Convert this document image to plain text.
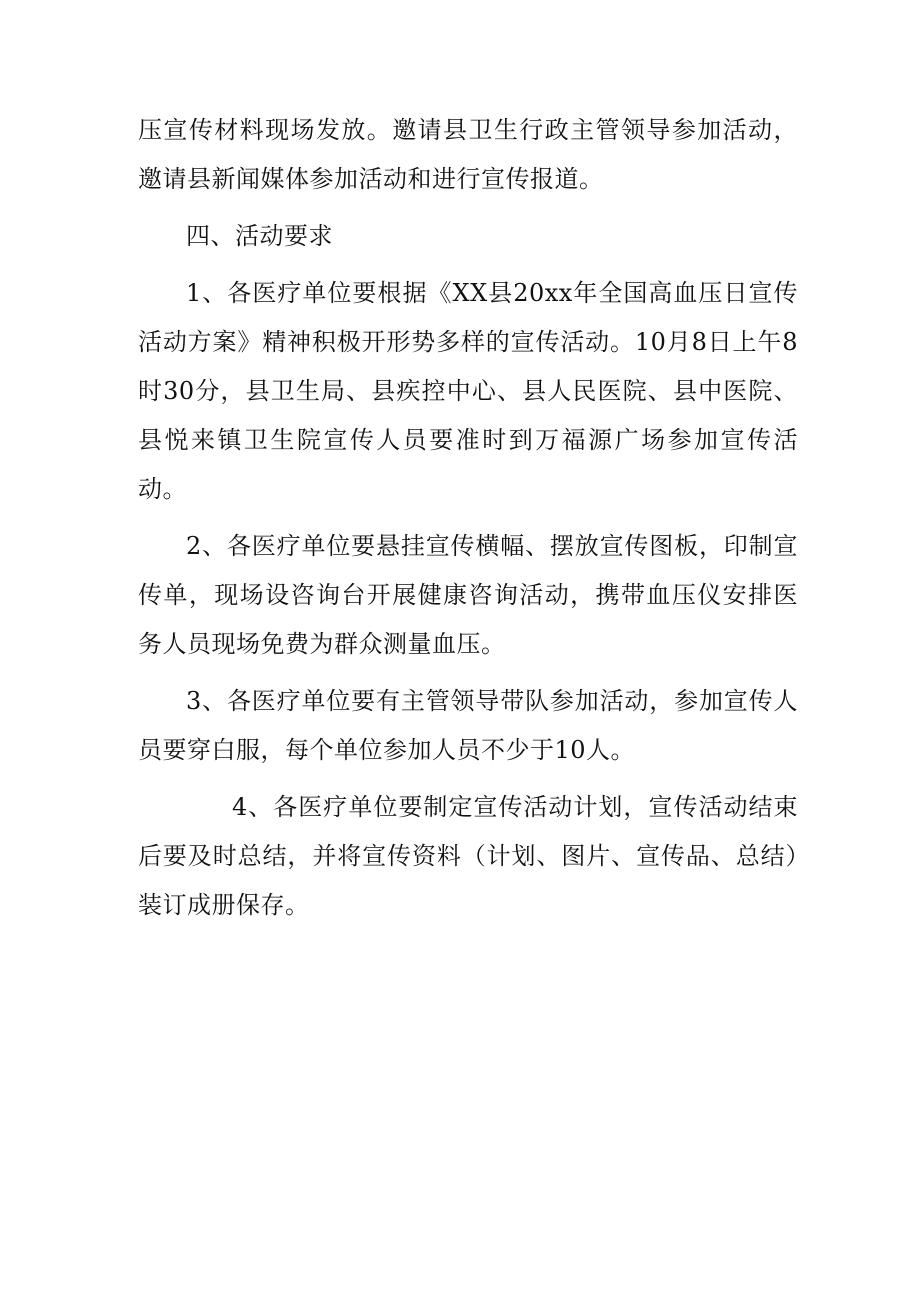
压宣传材料现场发放。邀请县卫生行政主管领导参加活动，邀请县新闻媒体参加活动和进行宣传报道。

四、活动要求

1、各医疗单位要根据《XX县20xx年全国高血压日宣传活动方案》精神积极开形势多样的宣传活动。10月8日上午8时30分，县卫生局、县疾控中心、县人民医院、县中医院、县悦来镇卫生院宣传人员要准时到万福源广场参加宣传活动。

2、各医疗单位要悬挂宣传横幅、摆放宣传图板，印制宣传单，现场设咨询台开展健康咨询活动，携带血压仪安排医务人员现场免费为群众测量血压。

3、各医疗单位要有主管领导带队参加活动，参加宣传人员要穿白服，每个单位参加人员不少于10人。

4、各医疗单位要制定宣传活动计划，宣传活动结束后要及时总结，并将宣传资料（计划、图片、宣传品、总结）装订成册保存。
